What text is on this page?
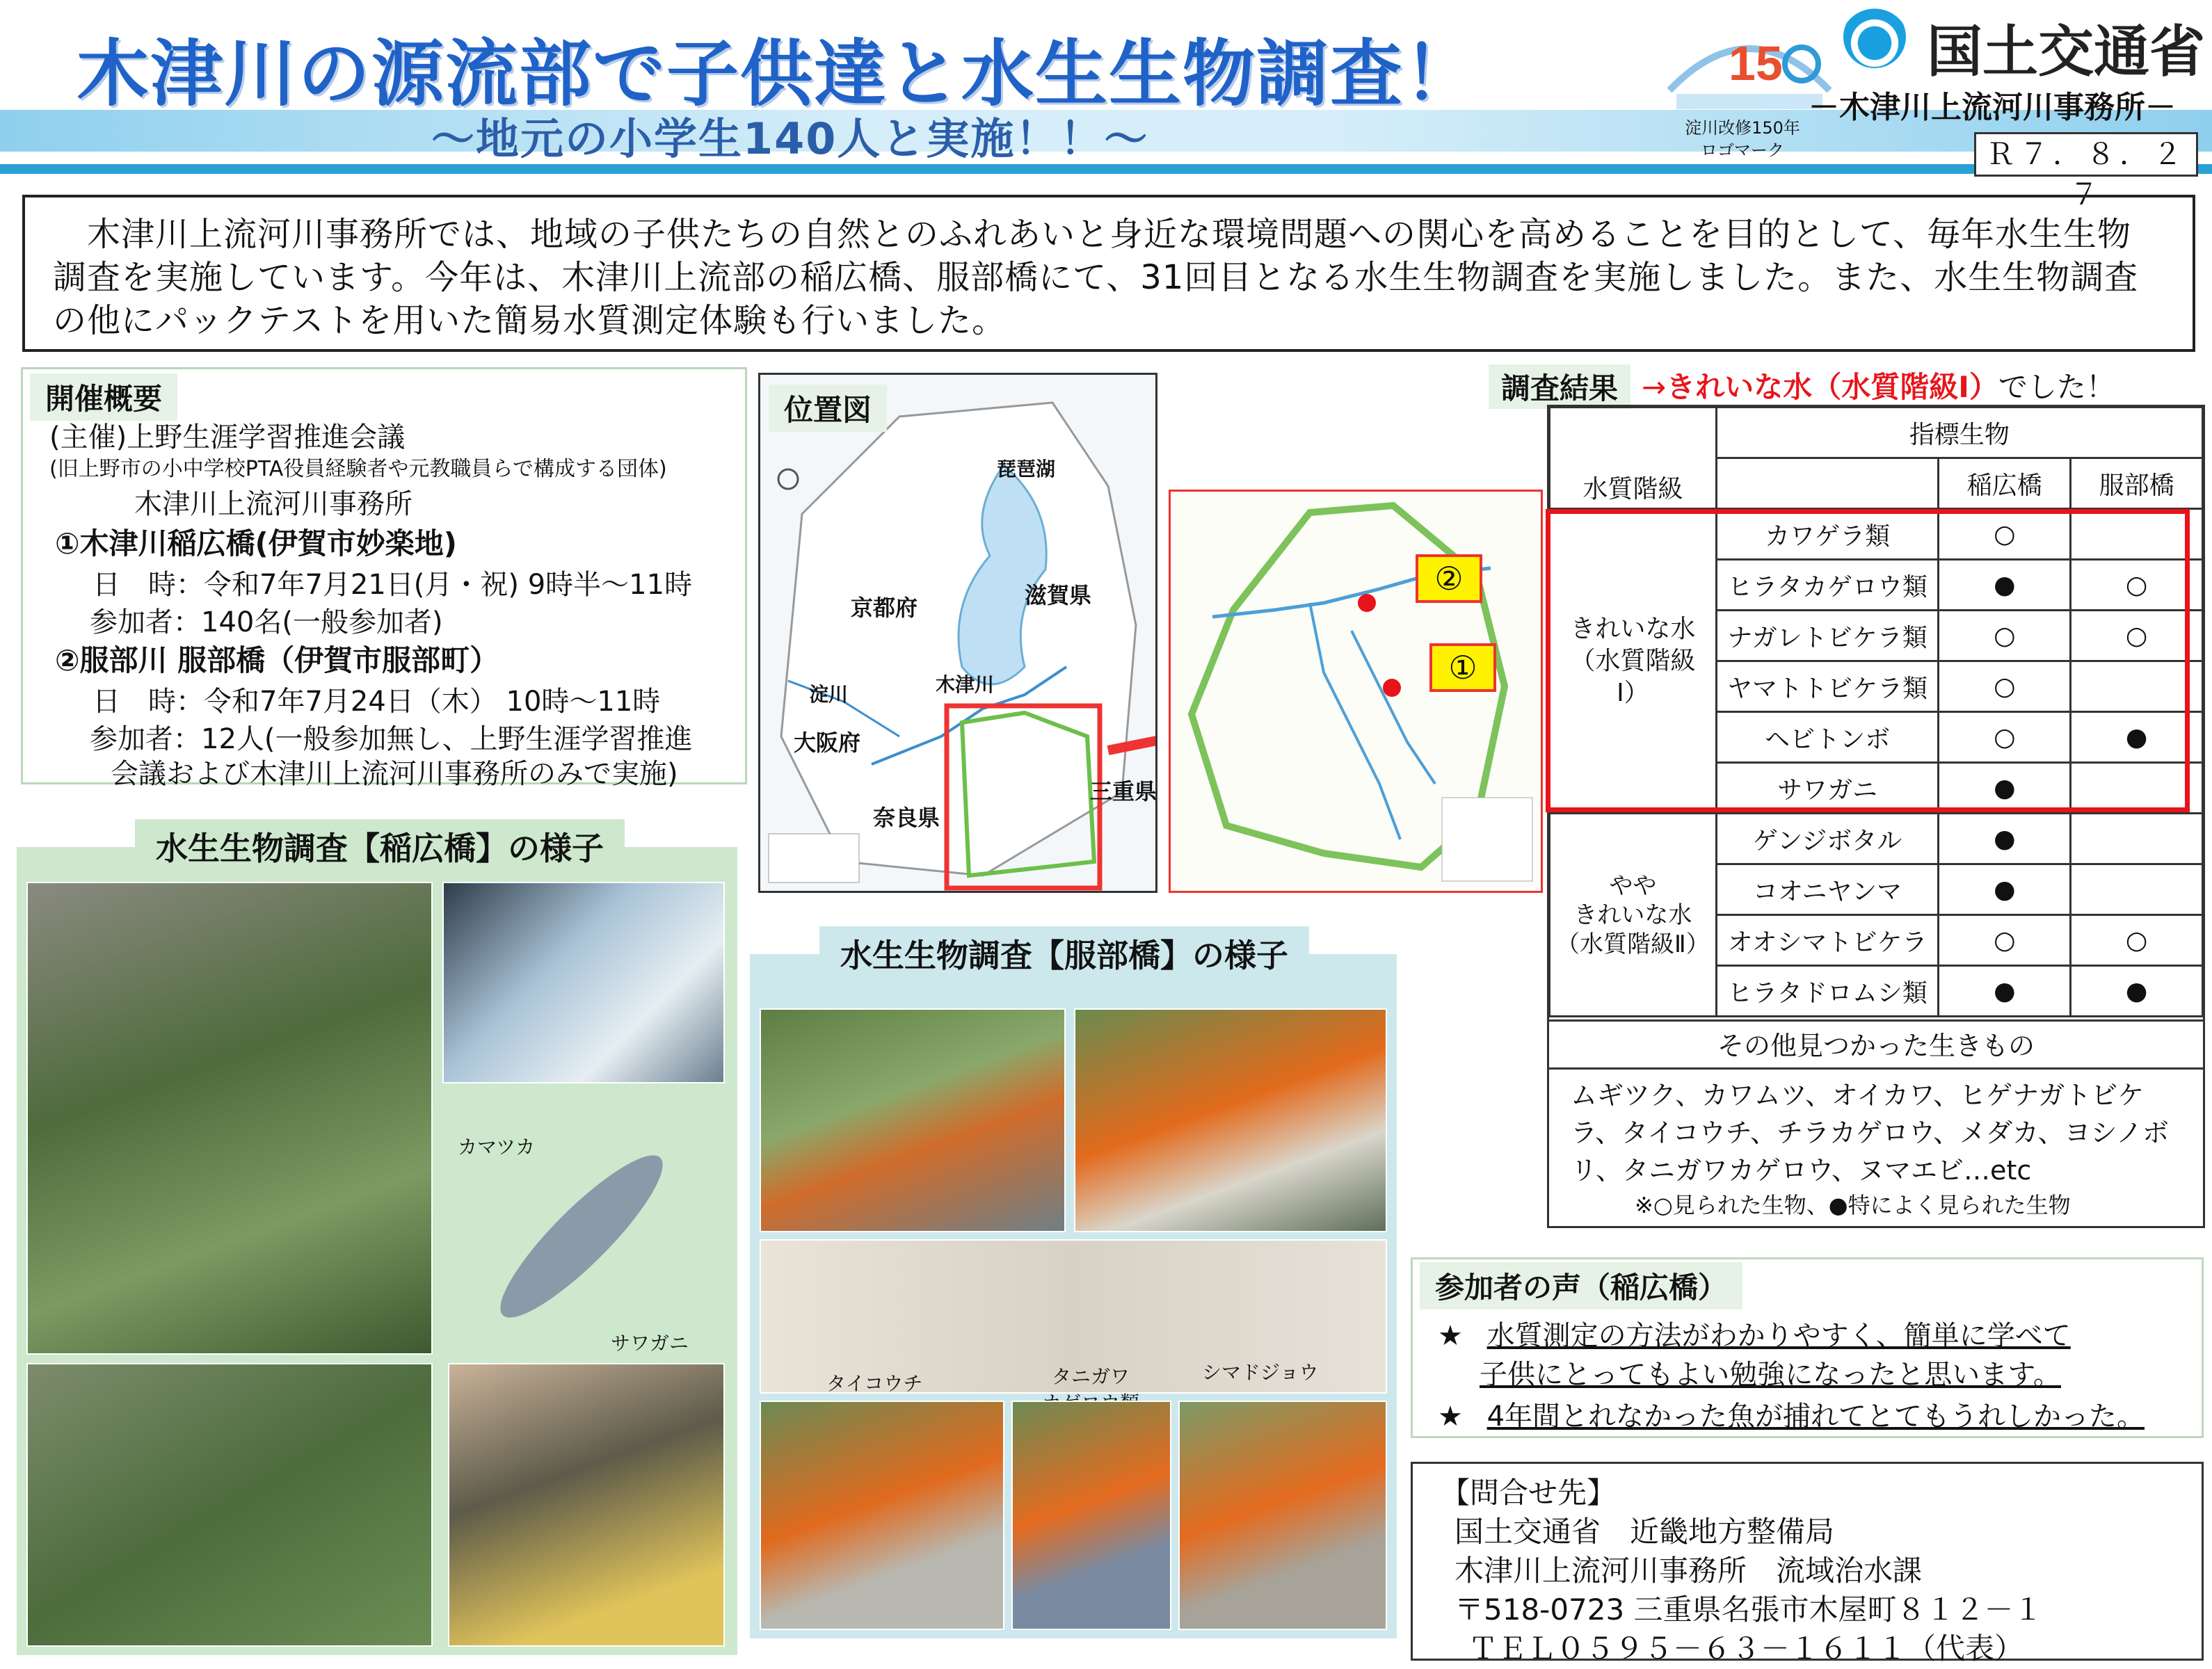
木津川の源流部で子供達と水生生物調査！
～地元の小学生140人と実施！！～
15
淀川改修150年
ロゴマーク
国土交通省
－木津川上流河川事務所－
Ｒ７．８．２７
　木津川上流河川事務所では、地域の子供たちの自然とのふれあいと身近な環境問題への関心を高めることを目的として、毎年水生生物調査を実施しています。今年は、木津川上流部の稲広橋、服部橋にて、31回目となる水生生物調査を実施しました。また、水生生物調査の他にパックテストを用いた簡易水質測定体験も行いました。
開催概要
(主催)上野生涯学習推進会議
(旧上野市の小中学校PTA役員経験者や元教職員らで構成する団体)
木津川上流河川事務所
①木津川稲広橋(伊賀市妙楽地)
日　時：令和7年7月21日(月・祝) 9時半～11時
参加者：140名(一般参加者)
②服部川 服部橋（伊賀市服部町）
日　時：令和7年7月24日（木） 10時～11時
参加者：12人(一般参加無し、上野生涯学習推進
会議および木津川上流河川事務所のみで実施)
位置図
琵琶湖
滋賀県
京都府
木津川
淀川
大阪府
奈良県
三重県
②
①
調査結果 →きれいな水（水質階級Ⅰ）でした！
水質階級	指標生物		
		稲広橋	服部橋
きれいな水
（水質階級
Ⅰ）	カワゲラ類	○	
	ヒラタカゲロウ類	●	○
	ナガレトビケラ類	○	○
	ヤマトトビケラ類	○	
	ヘビトンボ	○	●
	サワガニ	●	
やや
きれいな水
（水質階級Ⅱ）	ゲンジボタル	●	
	コオニヤンマ	●	
	オオシマトビケラ	○	○
	ヒラタドロムシ類	●	●
その他見つかった生きもの
ムギツク、カワムツ、オイカワ、ヒゲナガトビケラ、タイコウチ、チラカゲロウ、メダカ、ヨシノボリ、タニガワカゲロウ、ヌマエビ…etc
※○見られた生物、●特によく見られた生物
水生生物調査【稲広橋】の様子
カマツカ
サワガニ
水生生物調査【服部橋】の様子
タイコウチ	タニガワ	シマドジョウ
参加者の声（稲広橋）
★ 水質測定の方法がわかりやすく、簡単に学べて
子供にとってもよい勉強になったと思います。
★ 4年間とれなかった魚が捕れてとてもうれしかった。
【問合せ先】
国土交通省　近畿地方整備局
木津川上流河川事務所　流域治水課
〒518-0723 三重県名張市木屋町８１２－１
ＴＥＬ０５９５－６３－１６１１（代表）
